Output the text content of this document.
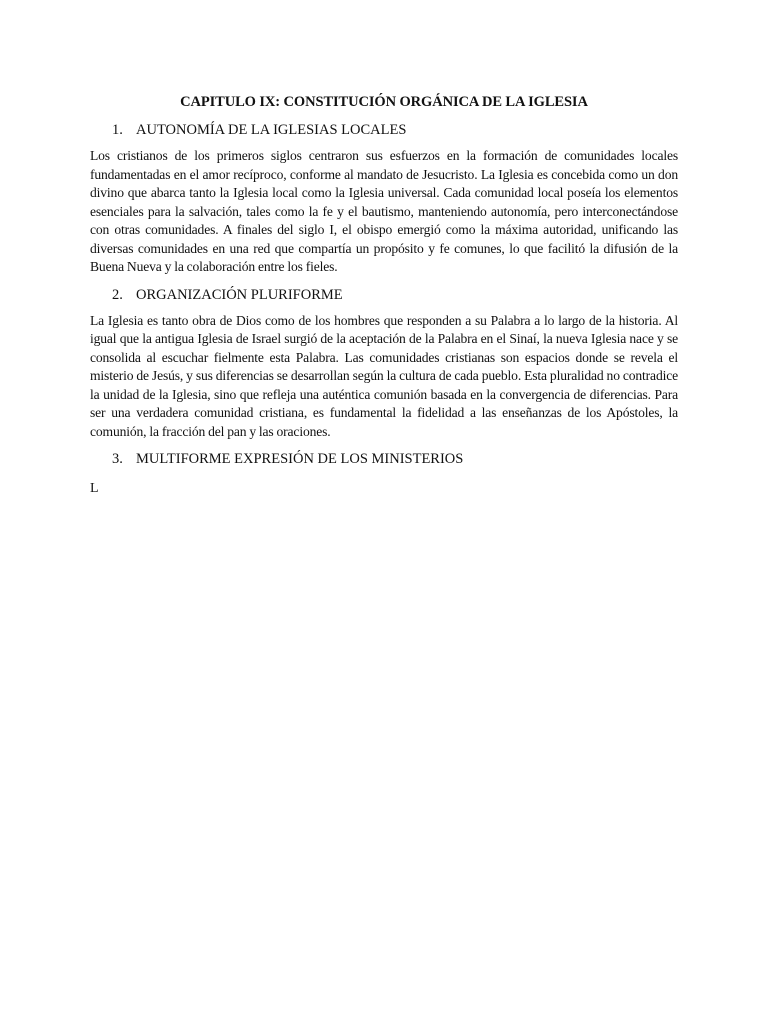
CAPITULO IX: CONSTITUCIÓN ORGÁNICA DE LA IGLESIA
1. AUTONOMÍA DE LA IGLESIAS LOCALES

Los cristianos de los primeros siglos centraron sus esfuerzos en la formación de comunidades locales fundamentadas en el amor recíproco, conforme al mandato de Jesucristo. La Iglesia es concebida como un don divino que abarca tanto la Iglesia local como la Iglesia universal. Cada comunidad local poseía los elementos esenciales para la salvación, tales como la fe y el bautismo, manteniendo autonomía, pero interconectándose con otras comunidades. A finales del siglo I, el obispo emergió como la máxima autoridad, unificando las diversas comunidades en una red que compartía un propósito y fe comunes, lo que facilitó la difusión de la Buena Nueva y la colaboración entre los fieles.

2. ORGANIZACIÓN PLURIFORME

La Iglesia es tanto obra de Dios como de los hombres que responden a su Palabra a lo largo de la historia. Al igual que la antigua Iglesia de Israel surgió de la aceptación de la Palabra en el Sinaí, la nueva Iglesia nace y se consolida al escuchar fielmente esta Palabra. Las comunidades cristianas son espacios donde se revela el misterio de Jesús, y sus diferencias se desarrollan según la cultura de cada pueblo. Esta pluralidad no contradice la unidad de la Iglesia, sino que refleja una auténtica comunión basada en la convergencia de diferencias. Para ser una verdadera comunidad cristiana, es fundamental la fidelidad a las enseñanzas de los Apóstoles, la comunión, la fracción del pan y las oraciones.

3. MULTIFORME EXPRESIÓN DE LOS MINISTERIOS

L
